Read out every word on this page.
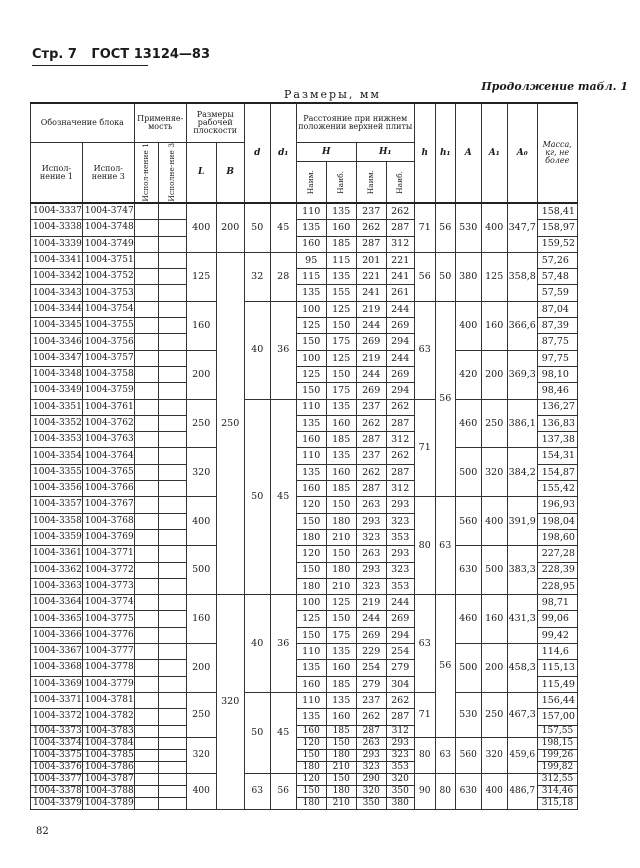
Стр. 7 ГОСТ 13124—83
Продолжение табл. 1
Размеры, мм
Обозначение блока		Применяе-мость		Размеры рабочей плоскости		d	d₁	Расстояние при нижнем положении верхней плиты				h	h₁	A	A₁	A₀	Масса, кг, не более
Испол-нение 1	Испол-нение 3	Испол-нение 1	Исполне-ние 3	L	B			H		H₁							

								Наим.	Наиб.	Наим.	Наиб.						

1004-3337	1004-3747			400	200	50	45	110	135	237	262	71	56	530	400	347,7	158,41
1004-3338	1004-3748							135	160	262	287						158,97
1004-3339	1004-3749							160	185	287	312						159,52
1004-3341	1004-3751			125	250	32	28	95	115	201	221	56	50	380	125	358,8	57,26
1004-3342	1004-3752							115	135	221	241						57,48
1004-3343	1004-3753							135	155	241	261						57,59
1004-3344	1004-3754			160		40	36	100	125	219	244	63	56	400	160	366,6	87,04
1004-3345	1004-3755							125	150	244	269						87,39
1004-3346	1004-3756							150	175	269	294						87,75
1004-3347	1004-3757			200				100	125	219	244			420	200	369,3	97,75
1004-3348	1004-3758							125	150	244	269						98,10
1004-3349	1004-3759							150	175	269	294						98,46
1004-3351	1004-3761			250		50	45	110	135	237	262	71		460	250	386,1	136,27
1004-3352	1004-3762							135	160	262	287						136,83
1004-3353	1004-3763							160	185	287	312						137,38
1004-3354	1004-3764			320				110	135	237	262			500	320	384,2	154,31
1004-3355	1004-3765							135	160	262	287						154,87
1004-3356	1004-3766							160	185	287	312						155,42
1004-3357	1004-3767			400				120	150	263	293	80	63	560	400	391,9	196,93
1004-3358	1004-3768							150	180	293	323						198,04
1004-3359	1004-3769							180	210	323	353						198,60
1004-3361	1004-3771			500				120	150	263	293			630	500	383,3	227,28
1004-3362	1004-3772							150	180	293	323						228,39
1004-3363	1004-3773							180	210	323	353						228,95
1004-3364	1004-3774			160	320	40	36	100	125	219	244	63	56	460	160	431,3	98,71
1004-3365	1004-3775							125	150	244	269						99,06
1004-3366	1004-3776							150	175	269	294						99,42
1004-3367	1004-3777			200				110	135	229	254			500	200	458,3	114,6
1004-3368	1004-3778							135	160	254	279						115,13
1004-3369	1004-3779							160	185	279	304						115,49
1004-3371	1004-3781			250		50	45	110	135	237	262	71		530	250	467,3	156,44
1004-3372	1004-3782							135	160	262	287						157,00
1004-3373	1004-3783							160	185	287	312						157,55
1004-3374	1004-3784			320				120	150	263	293	80	63	560	320	459,6	198,15
1004-3375	1004-3785							150	180	293	323						199,26
1004-3376	1004-3786							180	210	323	353						199,82
1004-3377	1004-3787			400		63	56	120	150	290	320	90	80	630	400	486,7	312,55
1004-3378	1004-3788							150	180	320	350						314,46
1004-3379	1004-3789							180	210	350	380						315,18
82
